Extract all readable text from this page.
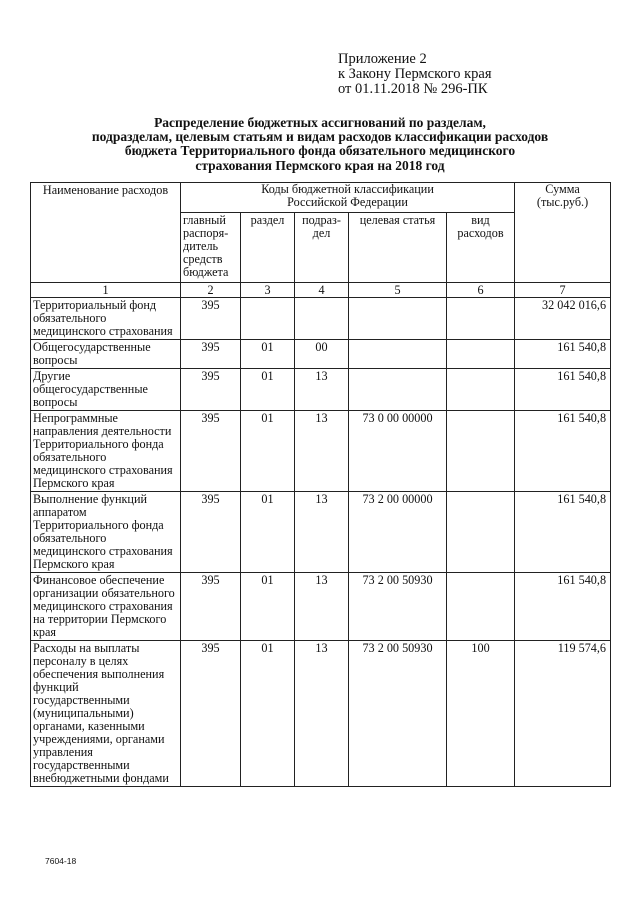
Приложение 2
к Закону Пермского края
от 01.11.2018 № 296-ПК
Распределение бюджетных ассигнований по разделам,
подразделам, целевым статьям и видам расходов классификации расходов
бюджета Территориального фонда обязательного медицинского
страхования Пермского края на 2018 год
Наименование расходов	Коды бюджетной классификации Российской Федерации					Сумма (тыс.руб.)
	главный распоря-дитель средств бюджета	раздел	подраз-дел	целевая статья	вид расходов	
1	2	3	4	5	6	7
Территориальный фонд обязательного медицинского страхования	395					32 042 016,6
Общегосударственные вопросы	395	01	00			161 540,8
Другие общегосударственные вопросы	395	01	13			161 540,8
Непрограммные направления деятельности Территориального фонда обязательного медицинского страхования Пермского края	395	01	13	73 0 00 00000		161 540,8
Выполнение функций аппаратом Территориального фонда обязательного медицинского страхования Пермского края	395	01	13	73 2 00 00000		161 540,8
Финансовое обеспечение организации обязательного медицинского страхования на территории Пермского края	395	01	13	73 2 00 50930		161 540,8
Расходы на выплаты персоналу в целях обеспечения выполнения функций государственными (муниципальными) органами, казенными учреждениями, органами управления государственными внебюджетными фондами	395	01	13	73 2 00 50930	100	119 574,6
7604-18
